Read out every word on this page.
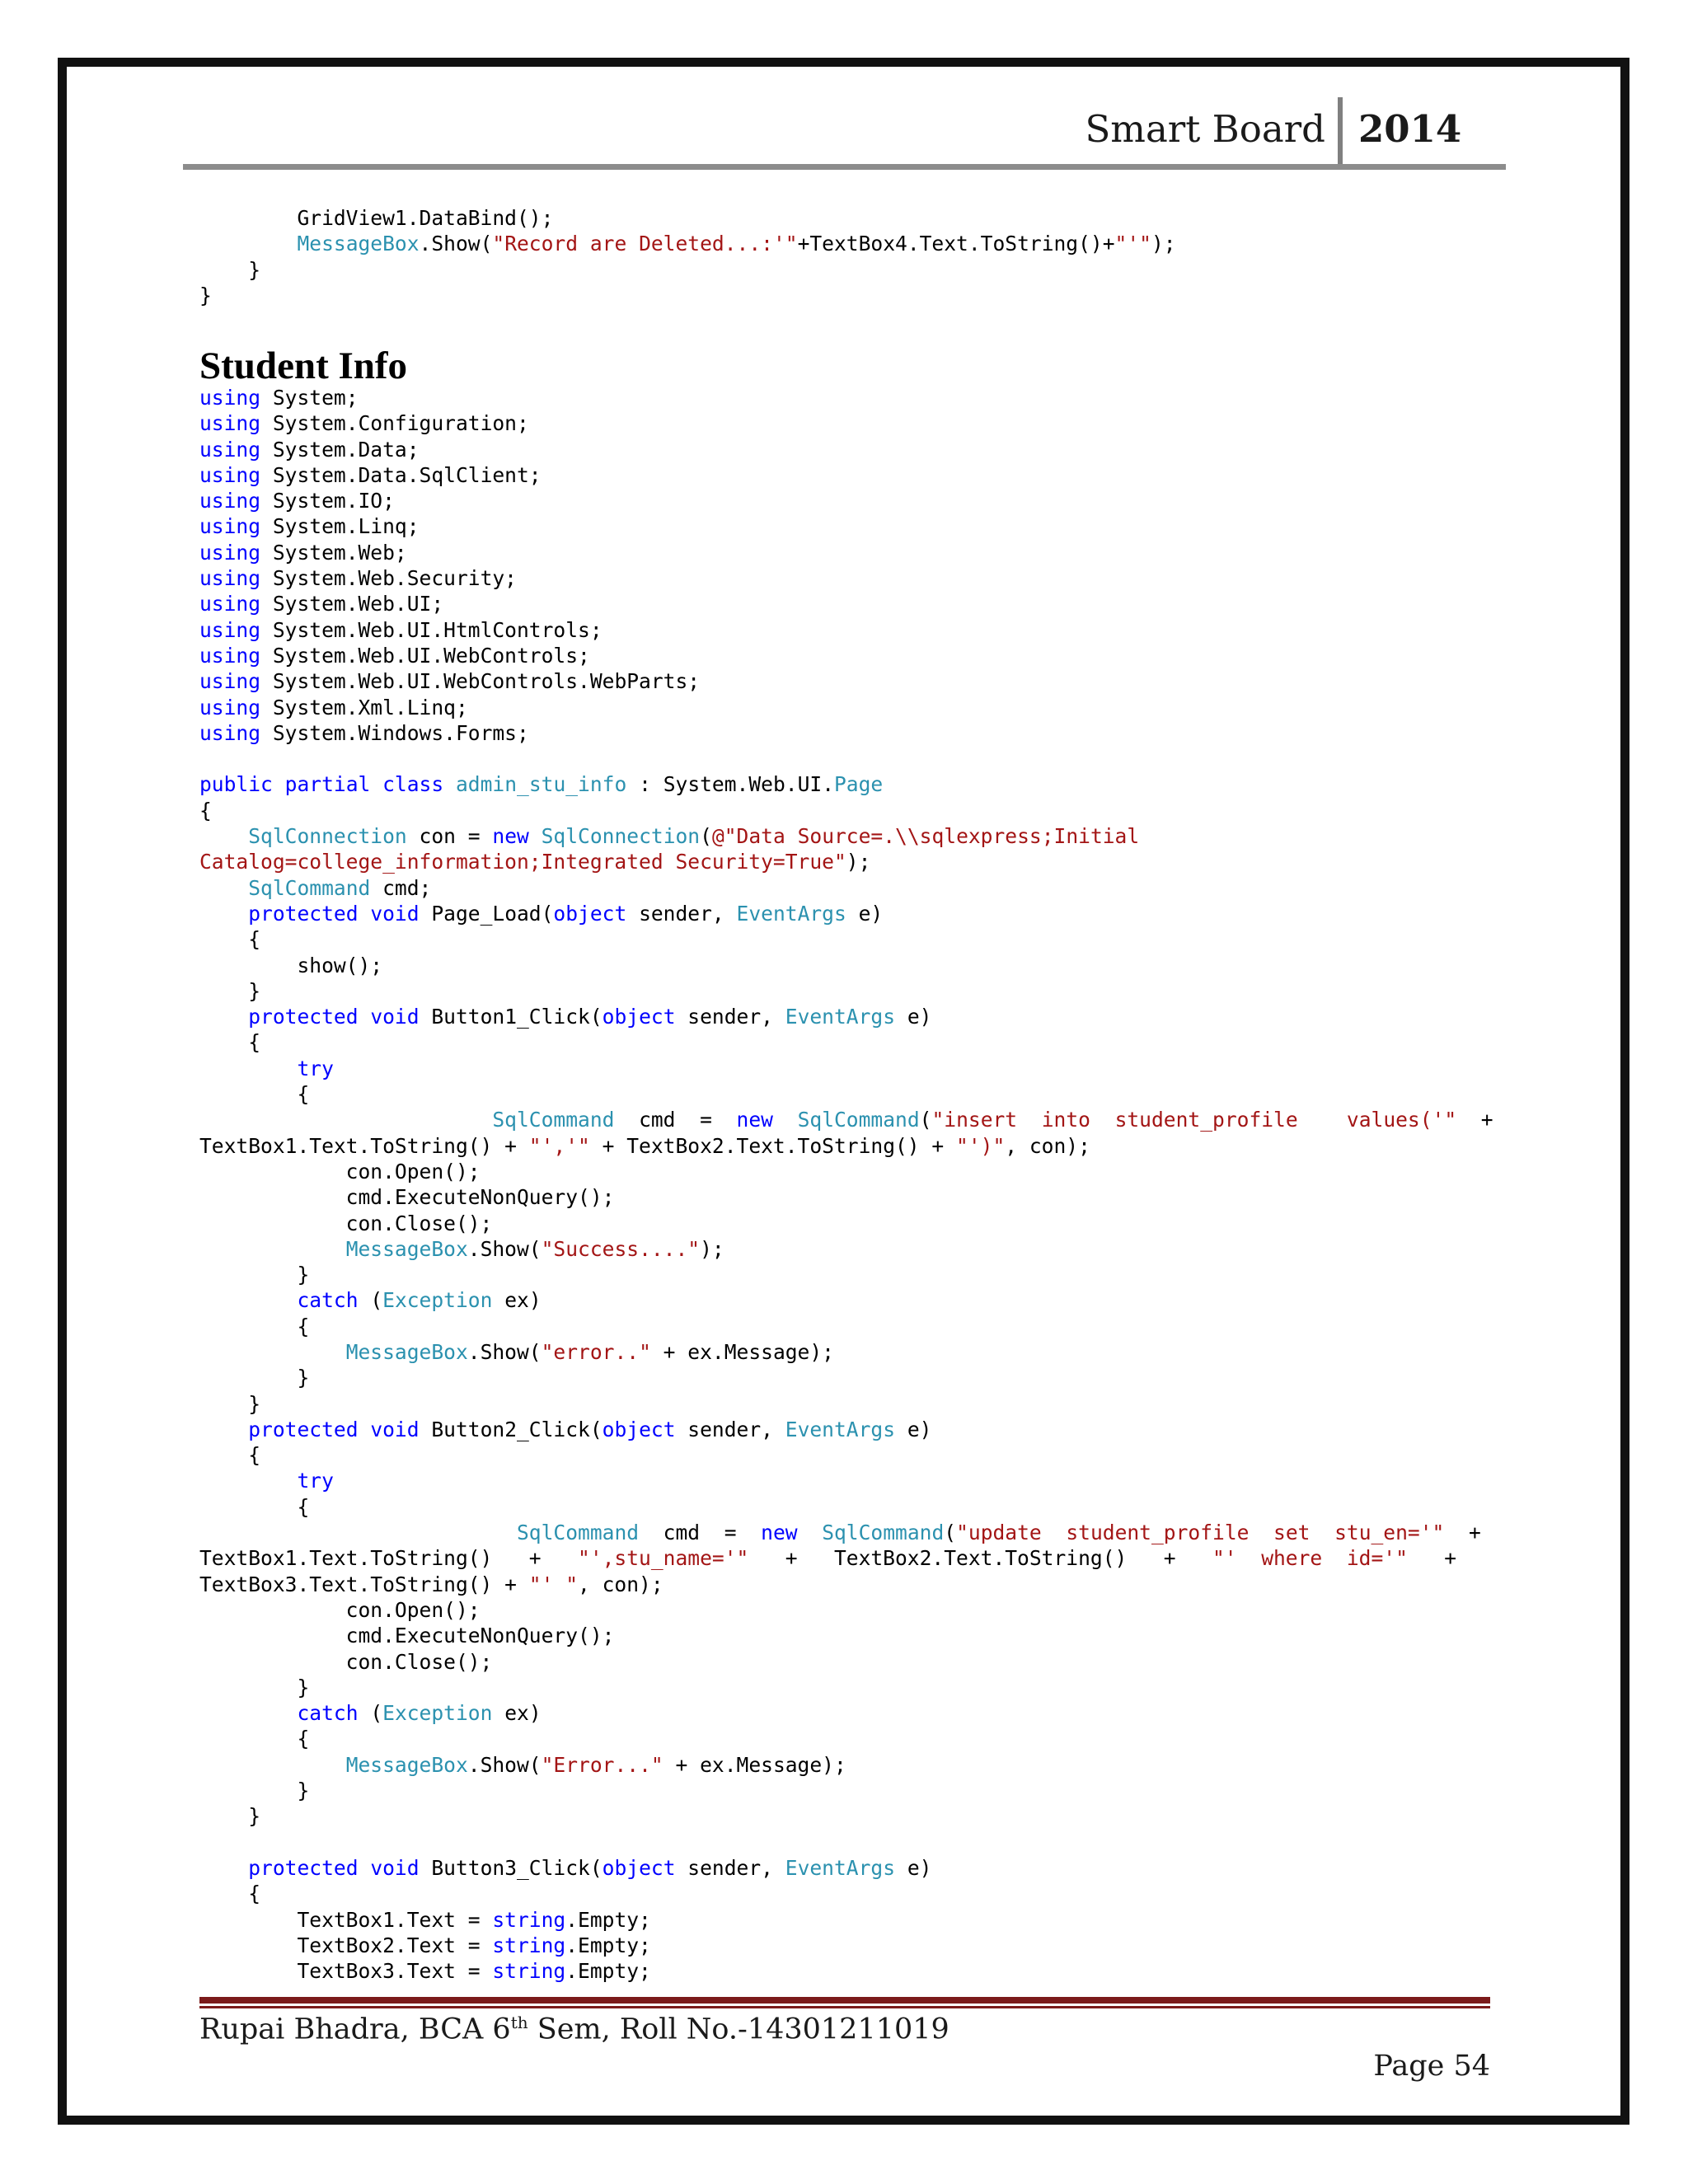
Smart Board 2014
GridView1.DataBind();
MessageBox.Show("Record are Deleted...:'"+TextBox4.Text.ToString()+"'");
}
}
Student Info
using System;
using System.Configuration;
using System.Data;
using System.Data.SqlClient;
using System.IO;
using System.Linq;
using System.Web;
using System.Web.Security;
using System.Web.UI;
using System.Web.UI.HtmlControls;
using System.Web.UI.WebControls;
using System.Web.UI.WebControls.WebParts;
using System.Xml.Linq;
using System.Windows.Forms;
public partial class admin_stu_info : System.Web.UI.Page
{
SqlConnection con = new SqlConnection(@"Data Source=.\\sqlexpress;Initial
Catalog=college_information;Integrated Security=True");
SqlCommand cmd;
protected void Page_Load(object sender, EventArgs e)
{
show();
}
protected void Button1_Click(object sender, EventArgs e)
{
try
{
SqlCommand  cmd  =  new SqlCommand("insert  into  student_profile    values('"  +
TextBox1.Text.ToString() + "','" + TextBox2.Text.ToString() + "')", con);
con.Open();
cmd.ExecuteNonQuery();
con.Close();
MessageBox.Show("Success....");
}
catch (Exception ex)
{
MessageBox.Show("error.." + ex.Message);
}
}
protected void Button2_Click(object sender, EventArgs e)
{
try
{
SqlCommand  cmd  =  new SqlCommand("update  student_profile  set  stu_en='"  +
TextBox1.Text.ToString()   +   "',stu_name='"   +   TextBox2.Text.ToString()   +   "'  where  id='"   +
TextBox3.Text.ToString() + "' ", con);
con.Open();
cmd.ExecuteNonQuery();
con.Close();
}
catch (Exception ex)
{
MessageBox.Show("Error..." + ex.Message);
}
}
protected void Button3_Click(object sender, EventArgs e)
{
TextBox1.Text = string.Empty;
TextBox2.Text = string.Empty;
TextBox3.Text = string.Empty;
Rupai Bhadra, BCA 6th Sem, Roll No.-14301211019
Page 54
